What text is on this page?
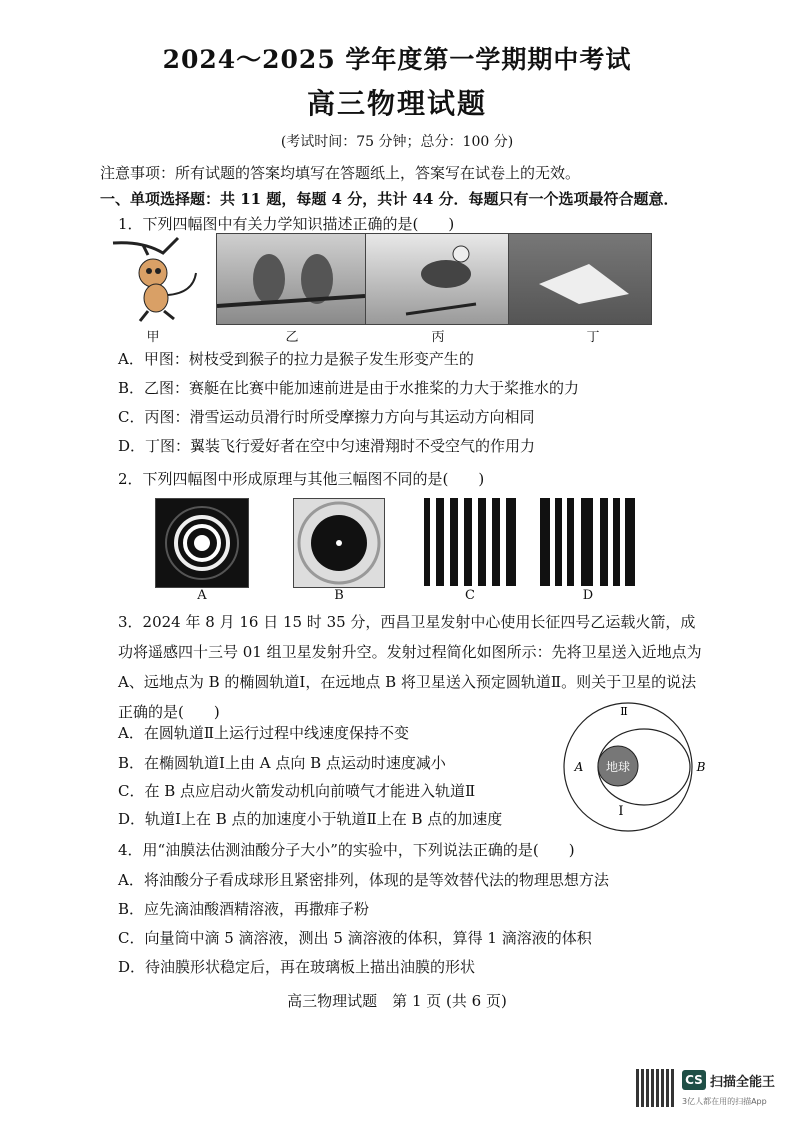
2024～2025 学年度第一学期期中考试
高三物理试题
(考试时间：75 分钟；总分：100 分)
注意事项：所有试题的答案均填写在答题纸上，答案写在试卷上的无效。
一、单项选择题：共 11 题，每题 4 分，共计 44 分．每题只有一个选项最符合题意．
1．下列四幅图中有关力学知识描述正确的是(　　)
甲	乙	丙	丁
A．甲图：树枝受到猴子的拉力是猴子发生形变产生的
B．乙图：赛艇在比赛中能加速前进是由于水推桨的力大于桨推水的力
C．丙图：滑雪运动员滑行时所受摩擦力方向与其运动方向相同
D．丁图：翼装飞行爱好者在空中匀速滑翔时不受空气的作用力
2．下列四幅图中形成原理与其他三幅图不同的是(　　)
A	B	C	D
3．2024 年 8 月 16 日 15 时 35 分，西昌卫星发射中心使用长征四号乙运载火箭，成功将遥感四十三号 01 组卫星发射升空。发射过程简化如图所示：先将卫星送入近地点为 A、远地点为 B 的椭圆轨道Ⅰ，在远地点 B 将卫星送入预定圆轨道Ⅱ。则关于卫星的说法正确的是(　　)
A．在圆轨道Ⅱ上运行过程中线速度保持不变
B．在椭圆轨道Ⅰ上由 A 点向 B 点运动时速度减小
C．在 B 点应启动火箭发动机向前喷气才能进入轨道Ⅱ
D．轨道Ⅰ上在 B 点的加速度小于轨道Ⅱ上在 B 点的加速度
地球
A	B
Ⅰ
Ⅱ
4．用“油膜法估测油酸分子大小”的实验中，下列说法正确的是(　　)
A．将油酸分子看成球形且紧密排列，体现的是等效替代法的物理思想方法
B．应先滴油酸酒精溶液，再撒痱子粉
C．向量筒中滴 5 滴溶液，测出 5 滴溶液的体积，算得 1 滴溶液的体积
D．待油膜形状稳定后，再在玻璃板上描出油膜的形状
高三物理试题　第 1 页 (共 6 页)
CS 扫描全能王
3亿人都在用的扫描App
